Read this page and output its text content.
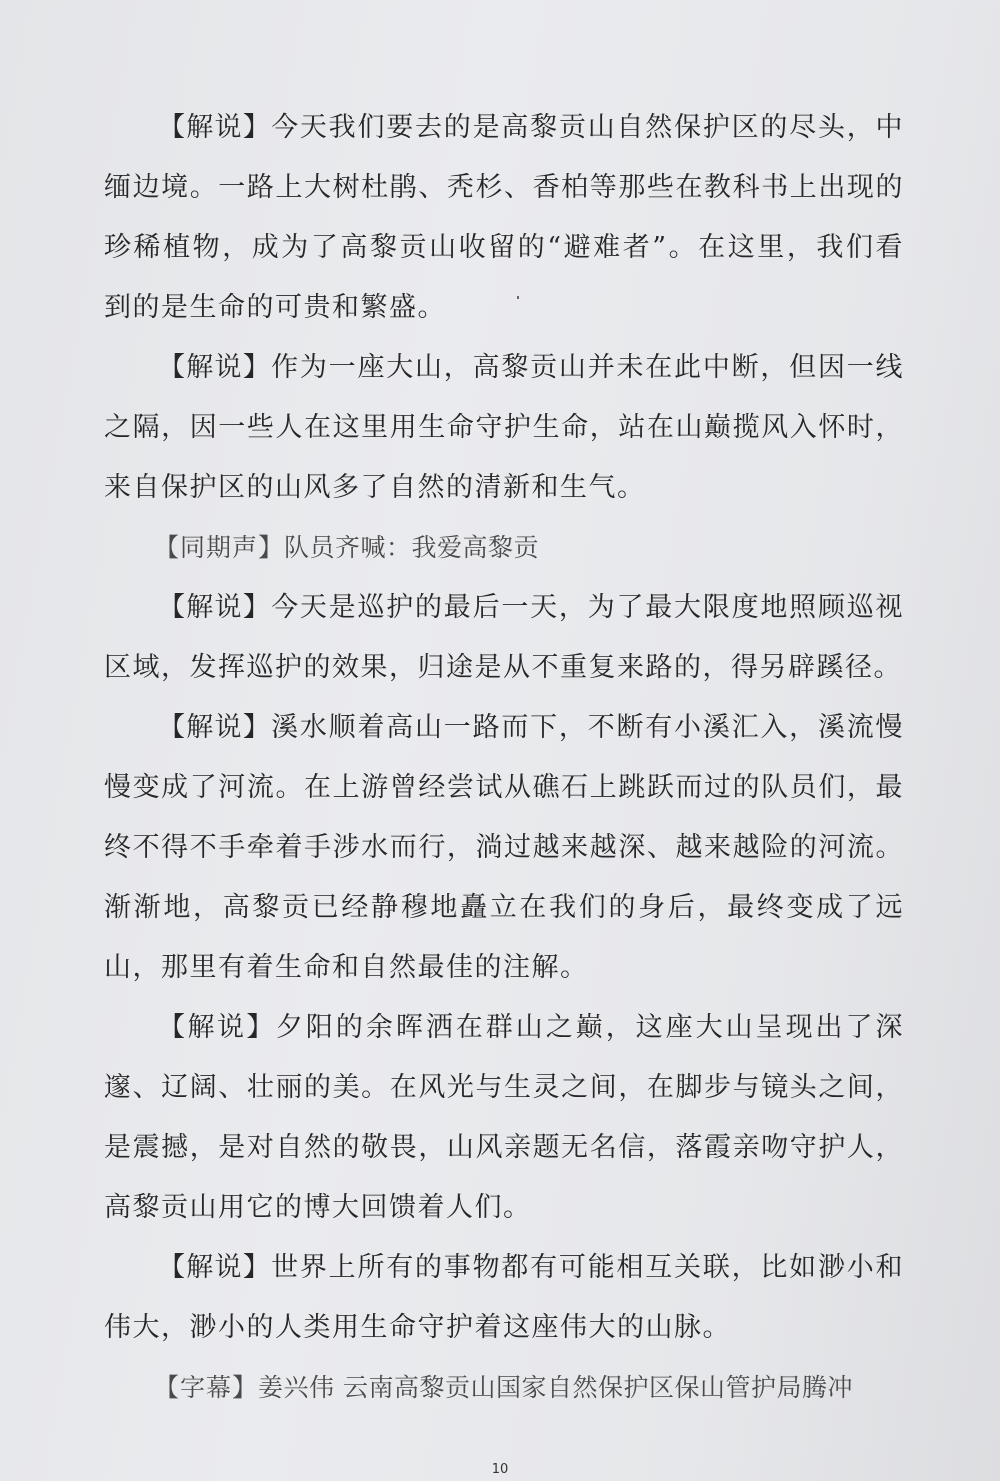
【解说】今天我们要去的是高黎贡山自然保护区的尽头，中缅边境。一路上大树杜鹃、秃杉、香柏等那些在教科书上出现的珍稀植物，成为了高黎贡山收留的“避难者”。在这里，我们看到的是生命的可贵和繁盛。

【解说】作为一座大山，高黎贡山并未在此中断，但因一线之隔，因一些人在这里用生命守护生命，站在山巅揽风入怀时，来自保护区的山风多了自然的清新和生气。

【同期声】队员齐喊：我爱高黎贡

【解说】今天是巡护的最后一天，为了最大限度地照顾巡视区域，发挥巡护的效果，归途是从不重复来路的，得另辟蹊径。

【解说】溪水顺着高山一路而下，不断有小溪汇入，溪流慢慢变成了河流。在上游曾经尝试从礁石上跳跃而过的队员们，最终不得不手牵着手涉水而行，淌过越来越深、越来越险的河流。渐渐地，高黎贡已经静穆地矗立在我们的身后，最终变成了远山，那里有着生命和自然最佳的注解。

【解说】夕阳的余晖洒在群山之巅，这座大山呈现出了深邃、辽阔、壮丽的美。在风光与生灵之间，在脚步与镜头之间，是震撼，是对自然的敬畏，山风亲题无名信，落霞亲吻守护人，高黎贡山用它的博大回馈着人们。

【解说】世界上所有的事物都有可能相互关联，比如渺小和伟大，渺小的人类用生命守护着这座伟大的山脉。

【字幕】姜兴伟 云南高黎贡山国家自然保护区保山管护局腾冲

10
